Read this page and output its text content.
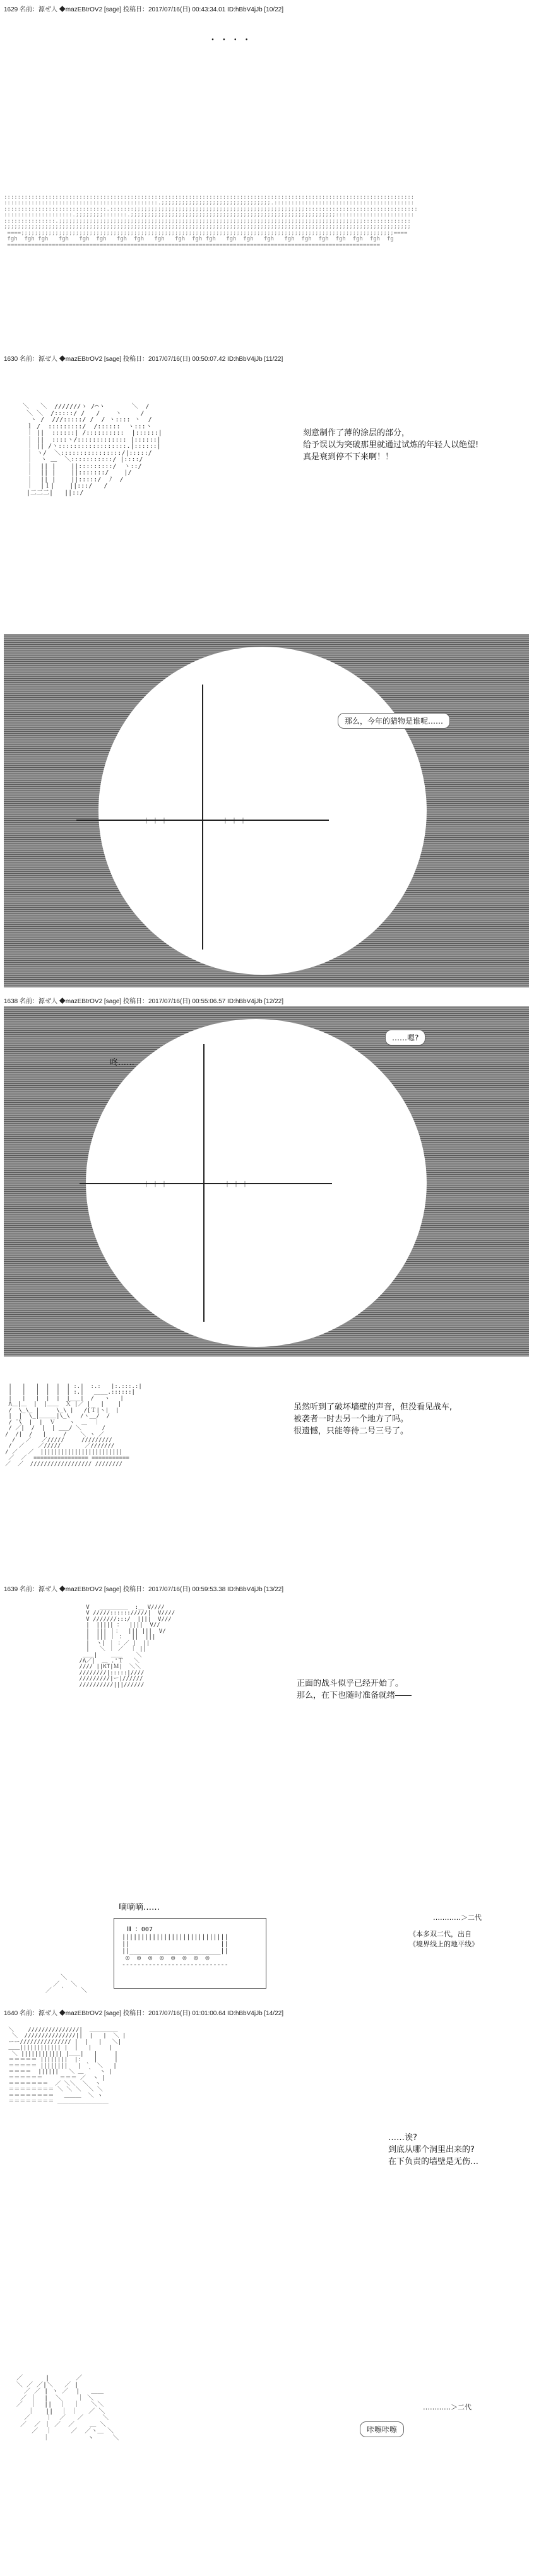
1629 名前：源ぜ人 ◆mazEBtrOV2 [sage] 投稿日：2017/07/16(日) 00:43:34.01 ID:hBbV4jJb [10/22]
・ ・ ・ ・
::::::::::::::::::::::::::::::::::::::::::::::::::::::::::::::::::::::::::::::::::::::::::::::::::::::::::::::::::::::::
:::::::::::::::::::::::::::::::::::::::::::::.;;;;;;;;;;;;;;;;;;;;;;;;;;;;;;;;.:::::::::::::::::::::::::::::::::::::::::
::::::::::::::::::::::::::::::.:::::::;;;;;;;;;;;;;;;;;;;;;;;;;;;;;;;;;;;;;;;;;;;;;;;;;;:::::::::::::::::::::::::::::::::
::::::::::::::::::::.;;;;;;;;:::::::.;;;;;;;;;;;;;;;;;;;;;;;;;;;;;;;;;;;;;;;;;;;;;;;;;;;;;;;;;;;;:::::::::::::::::::::::
:::::::::::::::.;;;;;;;;;;;;;;;;;;;;;;;;;;;;;;;;;;;;;;;;;;;;;;;;;;;;;;;;;;;;;;;;;;;;;;;;;;;;;;;;;;;;;;;;;::::::::::::::
;;;;;;;;;;;;;;;;;;;;;;;;;;;;;;;;;;;;;;;;;;;;;;;;;;;;;;;;;;;;;;;;;;;;;;;;;;;;;;;;;;;;;;;;;;;;;;;;;;;;;;;;;;;;;;;;;;;;;;;
====;;;;;;;;;;;;;;;;;;;;;;;;;;;;;;;;;;;;;;;;;;;;;;;;;;;;;;;;;;;;;;;;;;;;;;;;;;;;;;;;;;;;;;;;;;;;;;;;;;;;;;;;;;;;;====
fgh  fgh fgh   fgh   fgh  fgh   fgh  fgh   fgh   fgh  fgh fgh   fgh  fgh   fgh   fgh  fgh  fgh  fgh  fgh  fgh  fg
=============================================================================================================

1630 名前：源ぜ人 ◆mazEBtrOV2 [sage] 投稿日：2017/07/16(日) 00:50:07.42 ID:hBbV4jJb [11/22]
＼   ＼  ///////ゝ /⌒ヽ       ＼  /
＼ ＼  /:::::/ /   /    ヽ     /
ヽ /  ///:::::/ /  / ヽ:::: ヽ  /
ｌ /  :::::::::/  /::::::  ヽ:::ヽ
｜ ||  ::::::| /::::::::::  |::::::|
｜ ||  ::::ヽ/::::::::::::: |::::::|
｜ || /ヽ::::::::::::::::::.|::::::|
｜ ヽ/  ＼::::::::::::::::/|:::::/
｜  ヽ ＿  ＼:::::::::::/ |::::/
｜  || |    ||:::::::::/  ヽ::/
｜  || |    ||:::::::/    |/
｜  || |    ||:::::/  ﾉ  /
｜  |ｌ|    ||:::/   /
|二二二|   ||::/

刻意制作了薄的涂层的部分，
给予误以为突破那里就通过试炼的年轻人以绝望!
真是衰到停不下来啊！！
＋＋＋	＋＋＋
那么，今年的猎物是谁呢……
1638 名前：源ぜ人 ◆mazEBtrOV2 [sage] 投稿日：2017/07/16(日) 00:55:06.57 ID:hBbV4jJb [12/22]
＋＋＋	＋＋＋
咚……
……嗯?
|   |   |  |  |  | :.|  :.:   |:.:::.:|
|   |   |  |  |  | :.|   ____.::::::|
|   |   |  |  |  |___|  /   ヽ   |
Λ＿|＿  |  |＿＿  Ｘ |／ |   |    |
/  \_\_ |     \_\ |   /[Ｔ|ヽ|  |
|  |  \_|＿＿＿|\_\   /ヽ__/  /
/ ̄ ̄\  |  |  Ｖ    ヽ  ＿  ｜
/ ／|  /  |  | ___/ ＼      /
/  /|  /   |     /    ＼ ヽ ／
/   ／   ／/////     /////////
/  ／    ／/////       ／///////
/ ／   ／  ||||||||||||||||||||||||
／  ／  ================ ===========
／  ／  ////////////////// ////////

虽然听到了破坏墙壁的声音，但没看见战车,
被袭者一时去另一个地方了吗。
很遗憾，只能等待二号三号了。
1639 名前：源ぜ人 ◆mazEBtrOV2 [sage] 投稿日：2017/07/16(日) 00:59:53.38 ID:hBbV4jJb [13/22]
V   ＿＿＿＿＿  :＿ V////
V /////:::::://///|  V////
V ///////:::/  ||||  V///
|  ||||| ：  ||||  V//
|  ||| ｜：  ||| |||  V/
|  ||| ｜ ：  ||  |||
|  ヽ| ｜ ：／ |  ||
|   ＼ ｜ ／  ｜ ||
＿＿|    ＿＿    ＼
/Λ／|  ＿ .'Ｔ   ＼
//// ||KT|Ｍ|  ＼＼
////////|:::::|////
/////////|ー|//////
//////////|||//////	正面的战斗似乎已经开始了。
那么，在下也随时准备就绪――
嘀嘀嘀……
Ⅲ ：007
||||||||||||||||||||||||||||
||                        ||
||________________________||
◎  ◎  ◎  ◎  ◎  ◎  ◎  ◎
----------------------------
＼
／   ＼
／  ｀    ＼

…………＞二代
《本多双二代，出自
《境界线上的地平线》
1640 名前：源ぜ人 ◆mazEBtrOV2 [sage] 投稿日：2017/07/16(日) 01:01:00.64 ID:hBbV4jJb [14/22]
＼    ///////////////|  ＿＿＿＿＿
＼  ///////////////||  |   |  ＼ |
ーー/////////////// |  |   |   ＼|
＿＿|||||||||||| |  |   |     |
＼ |||||||||||| |＿＿|   |     |
＝＝＝＝＝ ||||||||  |：   |     |
＝＝＝＝＝ ||||||||   | ｀  ＼   |
＝＝＝＝  ||||||   ＼ ＿ ｀  ヽ |
＝＝＝＝＝＝     ＝＝＝ ／  ヽ |
＝＝＝＝＝＝＝  ／ ＼＼  ＼  ヽ
＝＝＝＝＝＝＝＝ ＼ ＼ ＼  ＼ ＼
＝＝＝＝＝＝＝＝   ＿＿＿  ＼ ヽ
＝＝＝＝＝＝＝＝ ＿＿＿＿＿＿＿＿＿

……诶?
到底从哪个洞里出来的?
在下负责的墙壁是无伤…
／      |       ／
＼ ／ ／|＼   ／ |
／ ／ | ヽ ／  |   ＿＿
／ ｜  |  ＼    ｜ ＼
／  ｜  ||  ｜  ｜   ＼＼
｜   ||  ｜ ｜   ／ ＼
／    ｜  ／   ／     ＼
／  ／ ｜ ／  ／    ＿ ＼
／  ｜     ／  ／ヽ＿ ＼
｜          ヽ     ＼

…………＞二代
咔嚓咔嚓
